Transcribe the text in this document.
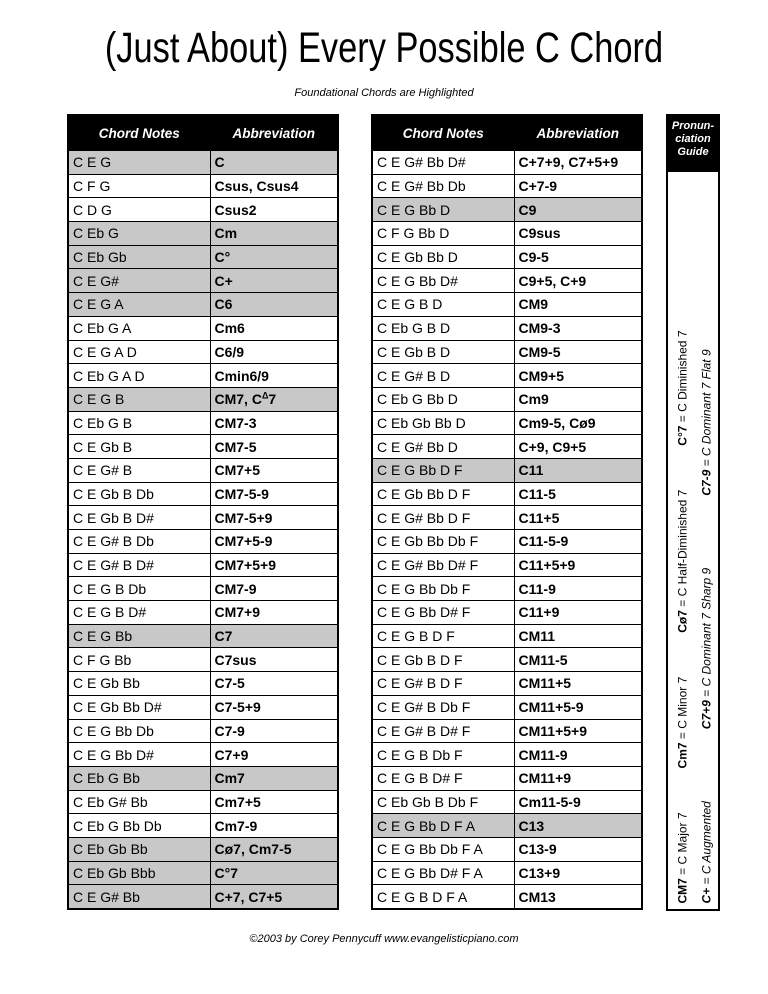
(Just About) Every Possible C Chord
Foundational Chords are Highlighted
Chord Notes	Abbreviation
C E G	C
C F G	Csus, Csus4
C D G	Csus2
C Eb G	Cm
C Eb Gb	C°
C E G#	C+
C E G A	C6
C Eb G A	Cm6
C E G A D	C6/9
C Eb G A D	Cmin6/9
C E G B	CM7, $C^\Delta 7$
C Eb G B	CM7-3
C E Gb B	CM7-5
C E G# B	CM7+5
C E Gb B Db	CM7-5-9
C E Gb B D#	CM7-5+9
C E G# B Db	CM7+5-9
C E G# B D#	CM7+5+9
C E G B Db	CM7-9
C E G B D#	CM7+9
C E G Bb	C7
C F G Bb	C7sus
C E Gb Bb	C7-5
C E Gb Bb D#	C7-5+9
C E G Bb Db	C7-9
C E G Bb D#	C7+9
C Eb G Bb	Cm7
C Eb G# Bb	Cm7+5
C Eb G Bb Db	Cm7-9
C Eb Gb Bb	Cø7, Cm7-5
C Eb Gb Bbb	C°7
C E G# Bb	C+7, C7+5
Chord Notes	Abbreviation
C E G# Bb D#	C+7+9, C7+5+9
C E G# Bb Db	C+7-9
C E G Bb D	C9
C F G Bb D	C9sus
C E Gb Bb D	C9-5
C E G Bb D#	C9+5, C+9
C E G B D	CM9
C Eb G B D	CM9-3
C E Gb B D	CM9-5
C E G# B D	CM9+5
C Eb G Bb D	Cm9
C Eb Gb Bb D	Cm9-5, Cø9
C E G# Bb D	C+9, C9+5
C E G Bb D F	C11
C E Gb Bb D F	C11-5
C E G# Bb D F	C11+5
C E Gb Bb Db F	C11-5-9
C E G# Bb D# F	C11+5+9
C E G Bb Db F	C11-9
C E G Bb D# F	C11+9
C E G B D F	CM11
C E Gb B D F	CM11-5
C E G# B D F	CM11+5
C E G# B Db F	CM11+5-9
C E G# B D# F	CM11+5+9
C E G B Db F	CM11-9
C E G B D# F	CM11+9
C Eb Gb B Db F	Cm11-5-9
C E G Bb D F A	C13
C E G Bb Db F A	C13-9
C E G Bb D# F A	C13+9
C E G B D F A	CM13
Pronun-
ciation
Guide
CM7 = C Major 7
Cm7 = C Minor 7
Cø7 = C Half-Diminished 7
C°7 = C Diminished 7
C+ = C Augmented
C7+9 = C Dominant 7 Sharp 9
C7-9 = C Dominant 7 Flat 9
©2003 by Corey Pennycuff www.evangelisticpiano.com
